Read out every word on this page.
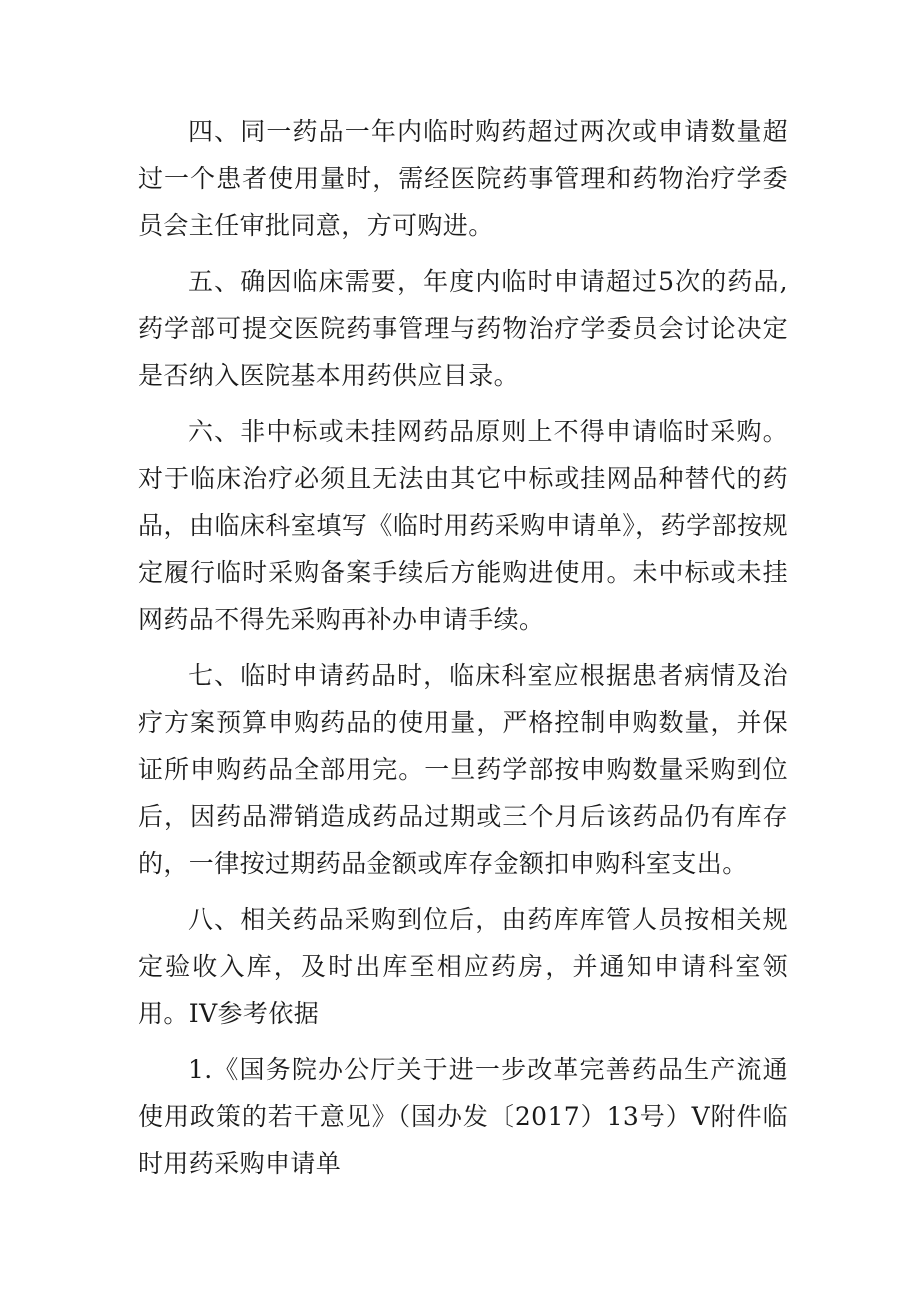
四、同一药品一年内临时购药超过两次或申请数量超过一个患者使用量时，需经医院药事管理和药物治疗学委员会主任审批同意，方可购进。

五、确因临床需要，年度内临时申请超过5次的药品,药学部可提交医院药事管理与药物治疗学委员会讨论决定是否纳入医院基本用药供应目录。

六、非中标或未挂网药品原则上不得申请临时采购。对于临床治疗必须且无法由其它中标或挂网品种替代的药品，由临床科室填写《临时用药采购申请单》，药学部按规定履行临时采购备案手续后方能购进使用。未中标或未挂网药品不得先采购再补办申请手续。

七、临时申请药品时，临床科室应根据患者病情及治疗方案预算申购药品的使用量，严格控制申购数量，并保证所申购药品全部用完。一旦药学部按申购数量采购到位后，因药品滞销造成药品过期或三个月后该药品仍有库存的，一律按过期药品金额或库存金额扣申购科室支出。

八、相关药品采购到位后，由药库库管人员按相关规定验收入库，及时出库至相应药房，并通知申请科室领用。IV参考依据

1.《国务院办公厅关于进一步改革完善药品生产流通使用政策的若干意见》（国办发〔2017）13号）V附件临时用药采购申请单
